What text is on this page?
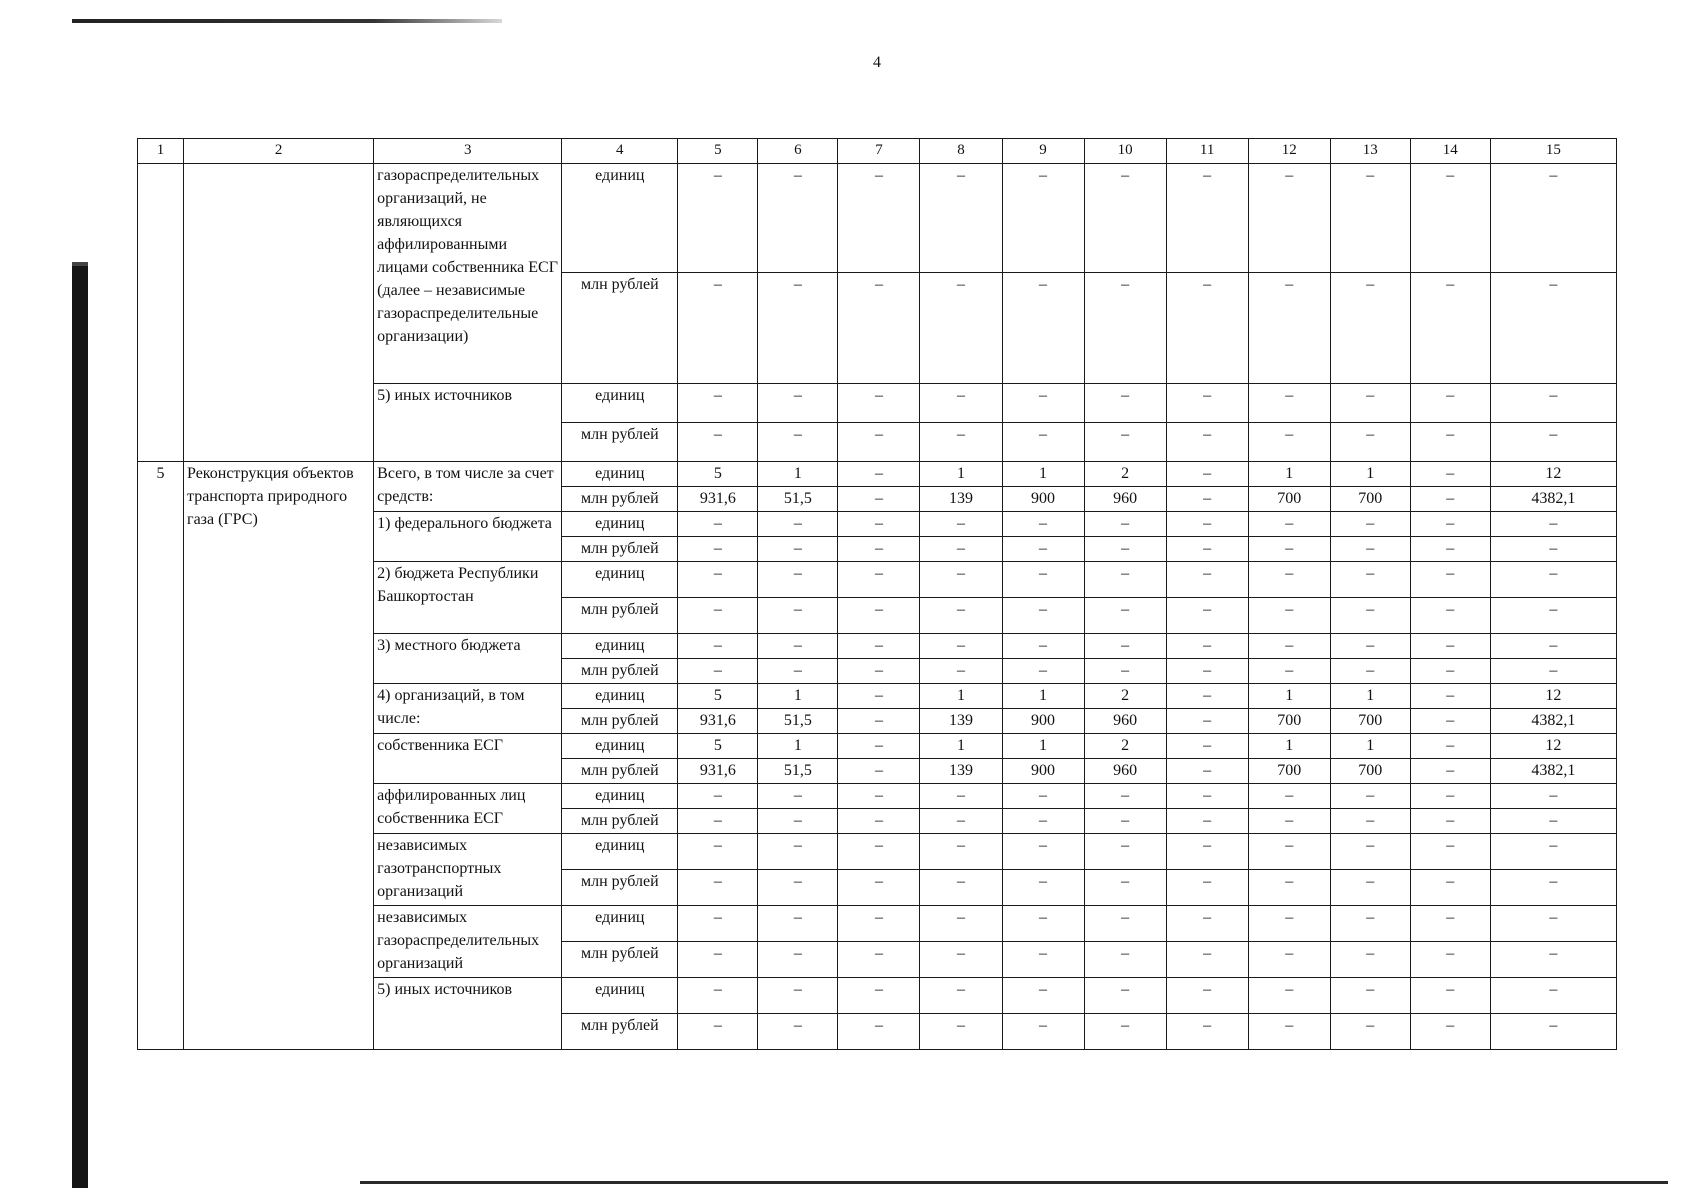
4
1	2	3	4	5	6	7	8	9	10	11	12	13	14	15
		газораспределительных организаций, не являющихся аффилированными лицами собственника ЕСГ (далее – независимые газораспределительные организации)	единиц	–	–	–	–	–	–	–	–	–	–	–
			млн рублей	–	–	–	–	–	–	–	–	–	–	–
		5) иных источников	единиц	–	–	–	–	–	–	–	–	–	–	–
			млн рублей	–	–	–	–	–	–	–	–	–	–	–
5	Реконструкция объектов транспорта природного газа (ГРС)	Всего, в том числе за счет средств:	единиц	5	1	–	1	1	2	–	1	1	–	12
			млн рублей	931,6	51,5	–	139	900	960	–	700	700	–	4382,1
		1) федерального бюджета	единиц	–	–	–	–	–	–	–	–	–	–	–
			млн рублей	–	–	–	–	–	–	–	–	–	–	–
		2) бюджета Республики Башкортостан	единиц	–	–	–	–	–	–	–	–	–	–	–
			млн рублей	–	–	–	–	–	–	–	–	–	–	–
		3) местного бюджета	единиц	–	–	–	–	–	–	–	–	–	–	–
			млн рублей	–	–	–	–	–	–	–	–	–	–	–
		4) организаций, в том числе:	единиц	5	1	–	1	1	2	–	1	1	–	12
			млн рублей	931,6	51,5	–	139	900	960	–	700	700	–	4382,1
		собственника ЕСГ	единиц	5	1	–	1	1	2	–	1	1	–	12
			млн рублей	931,6	51,5	–	139	900	960	–	700	700	–	4382,1
		аффилированных лиц собственника ЕСГ	единиц	–	–	–	–	–	–	–	–	–	–	–
			млн рублей	–	–	–	–	–	–	–	–	–	–	–
		независимых газотранспортных организаций	единиц	–	–	–	–	–	–	–	–	–	–	–
			млн рублей	–	–	–	–	–	–	–	–	–	–	–
		независимых газораспределительных организаций	единиц	–	–	–	–	–	–	–	–	–	–	–
			млн рублей	–	–	–	–	–	–	–	–	–	–	–
		5) иных источников	единиц	–	–	–	–	–	–	–	–	–	–	–
			млн рублей	–	–	–	–	–	–	–	–	–	–	–
